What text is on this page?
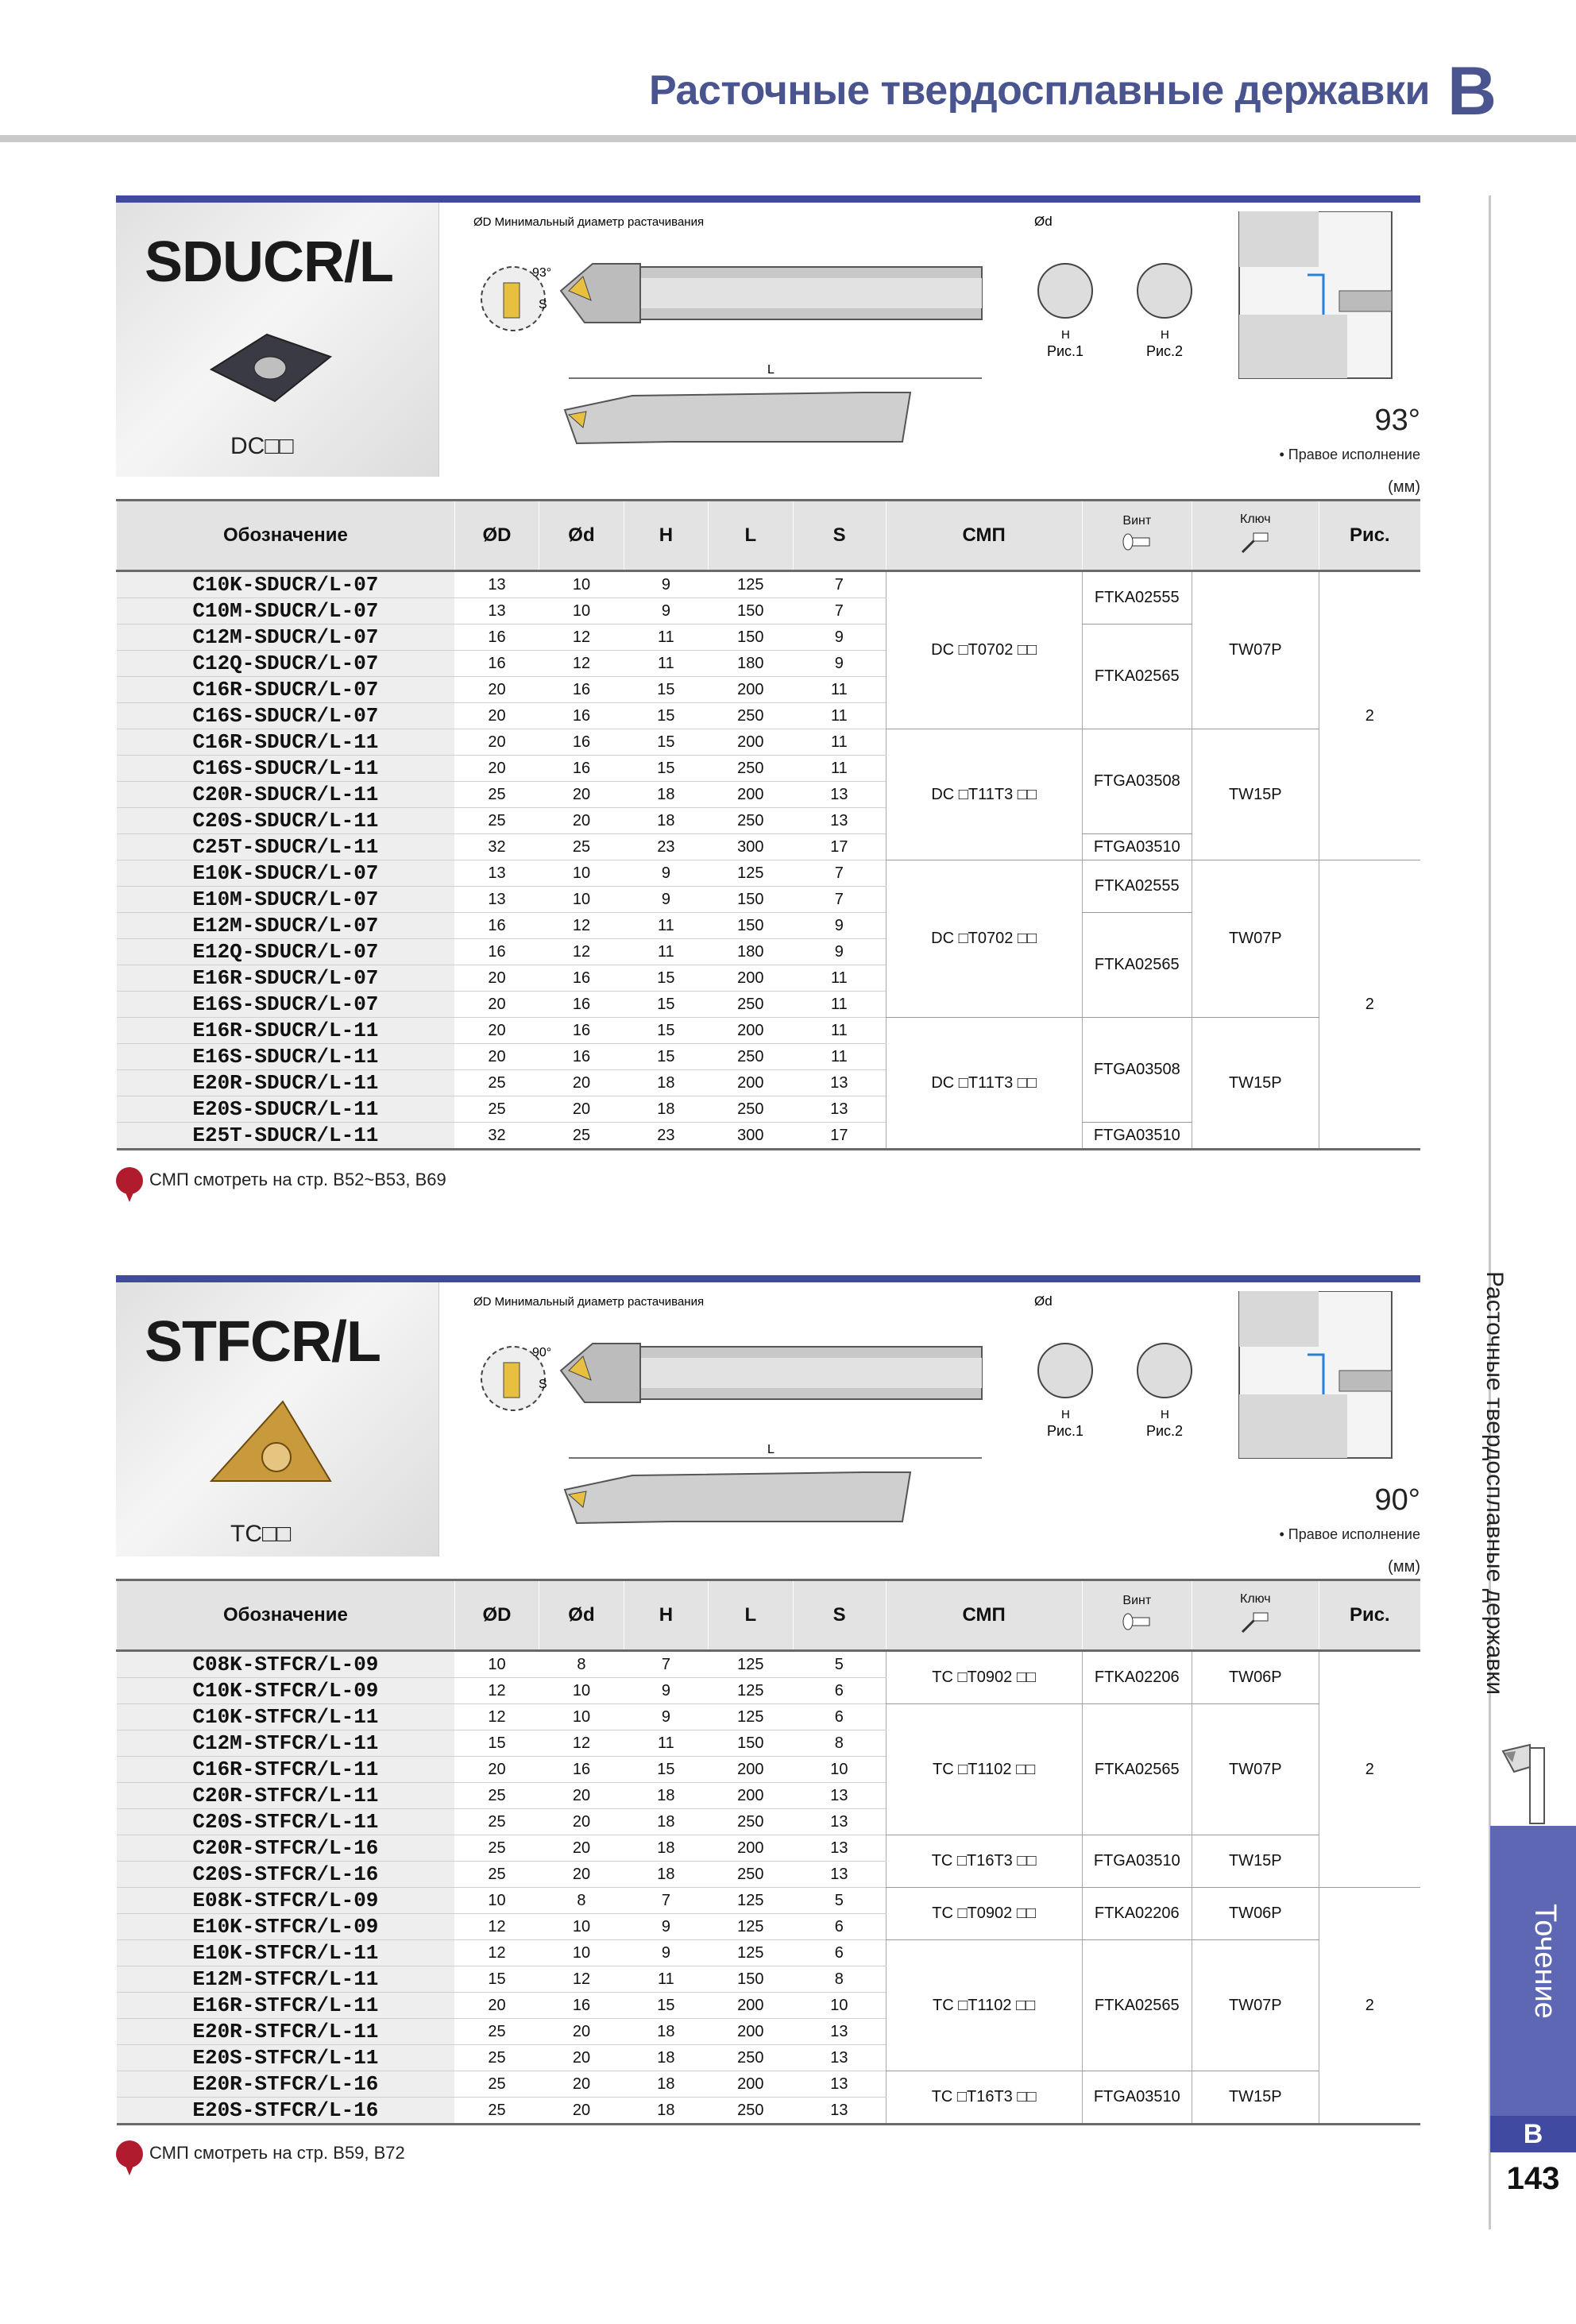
Расточные твердосплавные державки B
Расточные твердосплавные державки
Точение
B
143
SDUCR/L
DC□□
ØD Минимальный диаметр растачивания
93°
S
L
Ød
H	H
Рис.1	Рис.2
93°
• Правое исполнение
(мм)
Обозначение	ØD	Ød	H	L	S	СМП	Винт	Ключ	Рис.
C10K-SDUCR/L-07	13	10	9	125	7	DC □T0702 □□	FTKA02555	TW07P	2
C10M-SDUCR/L-07	13	10	9	150	7				
C12M-SDUCR/L-07	16	12	11	150	9		FTKA02565		
C12Q-SDUCR/L-07	16	12	11	180	9				
C16R-SDUCR/L-07	20	16	15	200	11				
C16S-SDUCR/L-07	20	16	15	250	11				
C16R-SDUCR/L-11	20	16	15	200	11	DC □T11T3 □□	FTGA03508	TW15P	
C16S-SDUCR/L-11	20	16	15	250	11				
C20R-SDUCR/L-11	25	20	18	200	13				
C20S-SDUCR/L-11	25	20	18	250	13				
C25T-SDUCR/L-11	32	25	23	300	17		FTGA03510		
E10K-SDUCR/L-07	13	10	9	125	7	DC □T0702 □□	FTKA02555	TW07P	2
E10M-SDUCR/L-07	13	10	9	150	7				
E12M-SDUCR/L-07	16	12	11	150	9		FTKA02565		
E12Q-SDUCR/L-07	16	12	11	180	9				
E16R-SDUCR/L-07	20	16	15	200	11				
E16S-SDUCR/L-07	20	16	15	250	11				
E16R-SDUCR/L-11	20	16	15	200	11	DC □T11T3 □□	FTGA03508	TW15P	
E16S-SDUCR/L-11	20	16	15	250	11				
E20R-SDUCR/L-11	25	20	18	200	13				
E20S-SDUCR/L-11	25	20	18	250	13				
E25T-SDUCR/L-11	32	25	23	300	17		FTGA03510		
СМП смотреть на стр. B52~B53, B69
STFCR/L
TC□□
ØD Минимальный диаметр растачивания
90°
S
L
Ød
H	H
Рис.1	Рис.2
90°
• Правое исполнение
(мм)
Обозначение	ØD	Ød	H	L	S	СМП	Винт	Ключ	Рис.
C08K-STFCR/L-09	10	8	7	125	5	TC □T0902 □□	FTKA02206	TW06P	2
C10K-STFCR/L-09	12	10	9	125	6				
C10K-STFCR/L-11	12	10	9	125	6	TC □T1102 □□	FTKA02565	TW07P	
C12M-STFCR/L-11	15	12	11	150	8				
C16R-STFCR/L-11	20	16	15	200	10				
C20R-STFCR/L-11	25	20	18	200	13				
C20S-STFCR/L-11	25	20	18	250	13				
C20R-STFCR/L-16	25	20	18	200	13	TC □T16T3 □□	FTGA03510	TW15P	
C20S-STFCR/L-16	25	20	18	250	13				
E08K-STFCR/L-09	10	8	7	125	5	TC □T0902 □□	FTKA02206	TW06P	2
E10K-STFCR/L-09	12	10	9	125	6				
E10K-STFCR/L-11	12	10	9	125	6	TC □T1102 □□	FTKA02565	TW07P	
E12M-STFCR/L-11	15	12	11	150	8				
E16R-STFCR/L-11	20	16	15	200	10				
E20R-STFCR/L-11	25	20	18	200	13				
E20S-STFCR/L-11	25	20	18	250	13				
E20R-STFCR/L-16	25	20	18	200	13	TC □T16T3 □□	FTGA03510	TW15P	
E20S-STFCR/L-16	25	20	18	250	13				
СМП смотреть на стр. B59, B72
